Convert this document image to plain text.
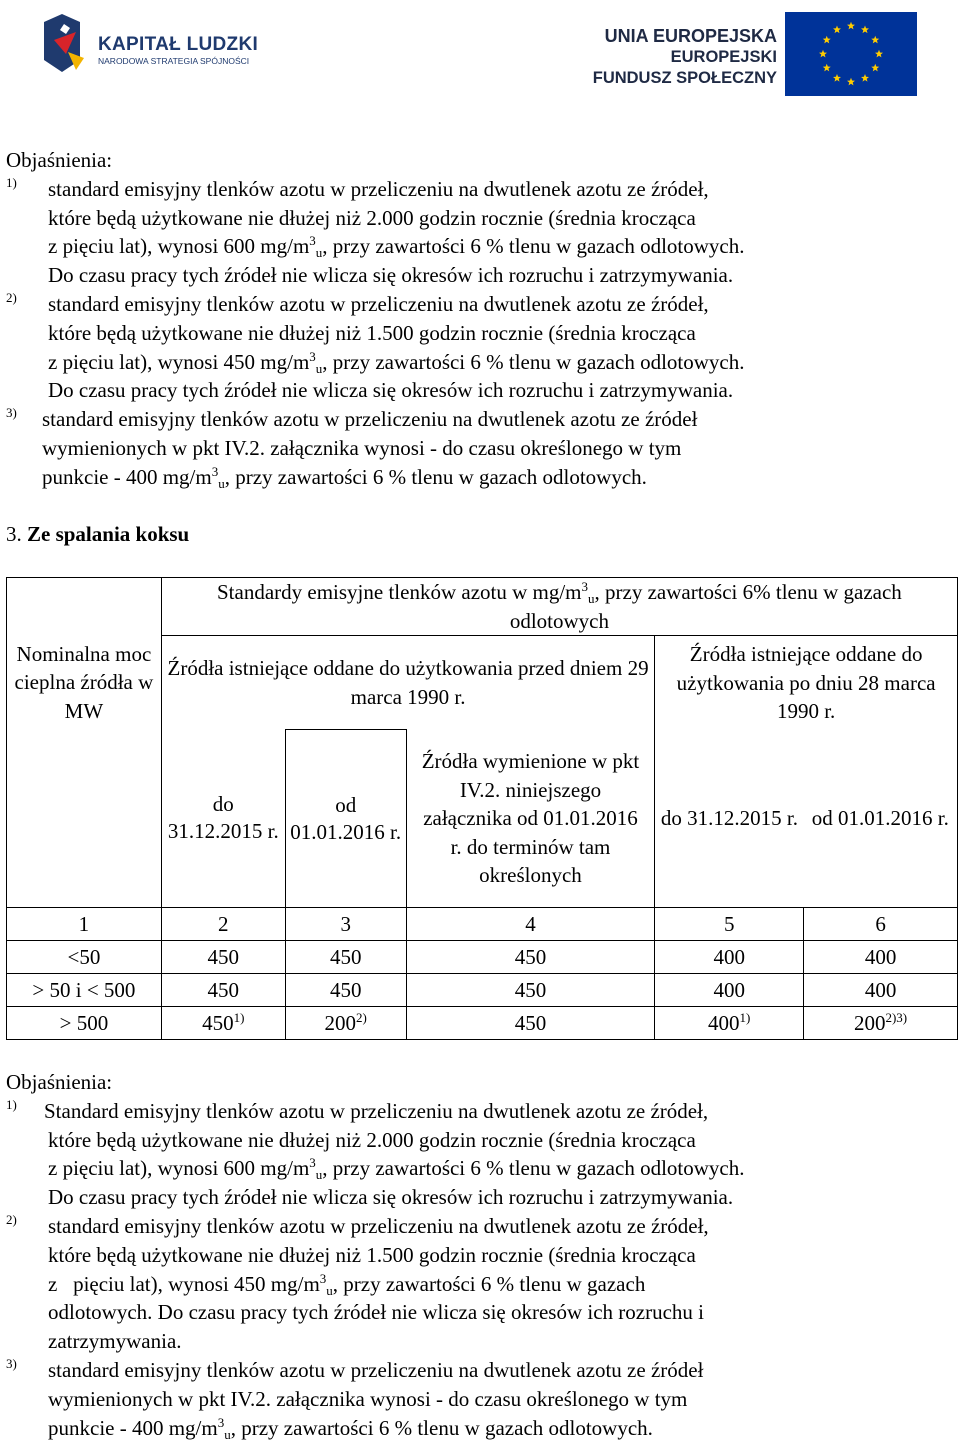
KAPITAŁ LUDZKI
NARODOWA STRATEGIA SPÓJNOŚCI
UNIA EUROPEJSKA
EUROPEJSKI
FUNDUSZ SPOŁECZNY
Objaśnienia:
1) standard emisyjny tlenków azotu w przeliczeniu na dwutlenek azotu ze źródeł,
które będą użytkowane nie dłużej niż 2.000 godzin rocznie (średnia krocząca
z pięciu lat), wynosi 600 $mg/m^3_u$, przy zawartości 6 % tlenu w gazach odlotowych.
Do czasu pracy tych źródeł nie wlicza się okresów ich rozruchu i zatrzymywania.
2) standard emisyjny tlenków azotu w przeliczeniu na dwutlenek azotu ze źródeł,
które będą użytkowane nie dłużej niż 1.500 godzin rocznie (średnia krocząca
z pięciu lat), wynosi 450 $mg/m^3_u$, przy zawartości 6 % tlenu w gazach odlotowych.
Do czasu pracy tych źródeł nie wlicza się okresów ich rozruchu i zatrzymywania.
3) standard emisyjny tlenków azotu w przeliczeniu na dwutlenek azotu ze źródeł
wymienionych w pkt IV.2. załącznika wynosi - do czasu określonego w tym
punkcie - 400 $mg/m^3_u$, przy zawartości 6 % tlenu w gazach odlotowych.
3. Ze spalania koksu
	Standardy emisyjne tlenków azotu w $mg/m^3_u$, przy zawartości 6% tlenu w gazach odlotowych				
Nominalna moc cieplna źródła w MW	Źródła istniejące oddane do użytkowania przed dniem 29 marca 1990 r.			Źródła istniejące oddane do użytkowania po dniu 28 marca 1990 r.	
	do 31.12.2015 r.	od 01.01.2016 r.	Źródła wymienione w pkt IV.2. niniejszego załącznika od 01.01.2016 r. do terminów tam określonych	do 31.12.2015 r.	od 01.01.2016 r.
1	2	3	4	5	6
<50	450	450	450	400	400
> 50 i < 500	450	450	450	400	400
> 500	450$^{1)}$	200$^{2)}$	450	400$^{1)}$	$200^{2)3)}$
Objaśnienia:
1) Standard emisyjny tlenków azotu w przeliczeniu na dwutlenek azotu ze źródeł,
które będą użytkowane nie dłużej niż 2.000 godzin rocznie (średnia krocząca
z pięciu lat), wynosi 600 $mg/m^3_u$, przy zawartości 6 % tlenu w gazach odlotowych.
Do czasu pracy tych źródeł nie wlicza się okresów ich rozruchu i zatrzymywania.
2) standard emisyjny tlenków azotu w przeliczeniu na dwutlenek azotu ze źródeł,
które będą użytkowane nie dłużej niż 1.500 godzin rocznie (średnia krocząca
z   pięciu lat), wynosi 450 $mg/m^3_u$, przy zawartości 6 % tlenu w gazach
odlotowych. Do czasu pracy tych źródeł nie wlicza się okresów ich rozruchu i
zatrzymywania.
3) standard emisyjny tlenków azotu w przeliczeniu na dwutlenek azotu ze źródeł
wymienionych w pkt IV.2. załącznika wynosi - do czasu określonego w tym
punkcie - 400 $mg/m^3_u$, przy zawartości 6 % tlenu w gazach odlotowych.
